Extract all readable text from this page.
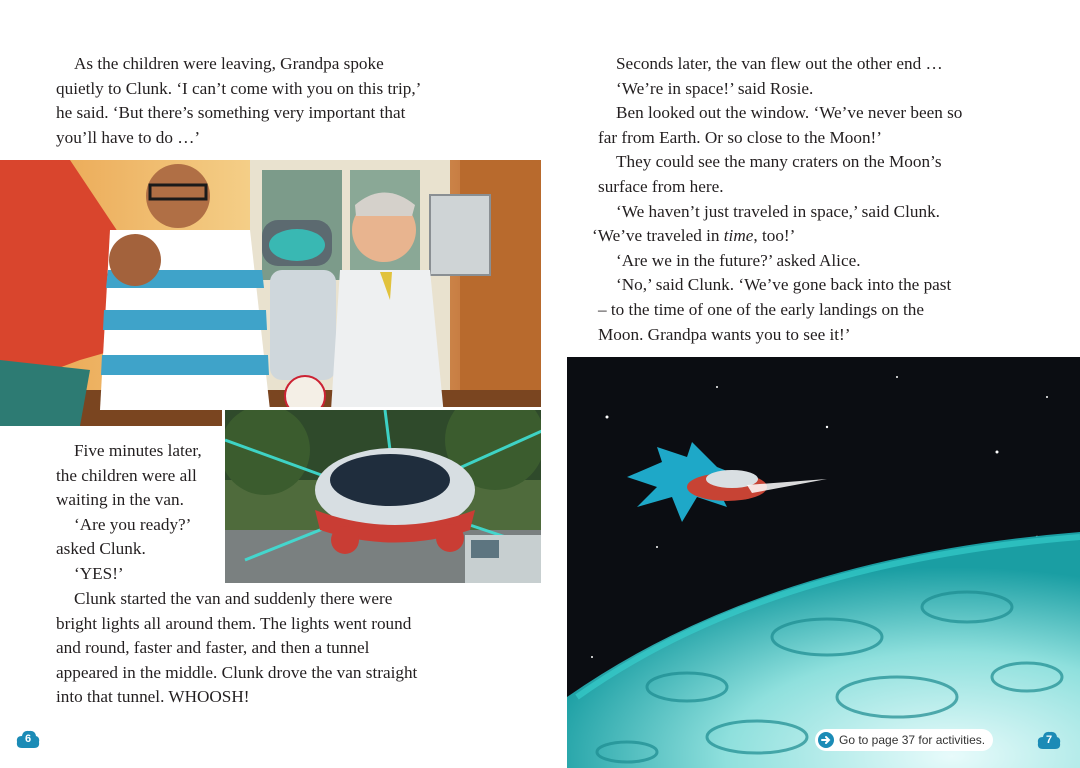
As the children were leaving, Grandpa spoke

quietly to Clunk. ‘I can’t come with you on this trip,’

he said. ‘But there’s something very important that

you’ll have to do …’

Five minutes later,

the children were all

waiting in the van.

‘Are you ready?’

asked Clunk.

‘YES!’

Clunk started the van and suddenly there were

bright lights all around them. The lights went round

and round, faster and faster, and then a tunnel

appeared in the middle. Clunk drove the van straight

into that tunnel. WHOOSH!

6

Seconds later, the van flew out the other end …

‘We’re in space!’ said Rosie.

Ben looked out the window. ‘We’ve never been so

far from Earth. Or so close to the Moon!’

They could see the many craters on the Moon’s

surface from here.

‘We haven’t just traveled in space,’ said Clunk.

‘We’ve traveled in time, too!’

‘Are we in the future?’ asked Alice.

‘No,’ said Clunk. ‘We’ve gone back into the past

– to the time of one of the early landings on the

Moon. Grandpa wants you to see it!’

Go to page 37 for activities.	7
